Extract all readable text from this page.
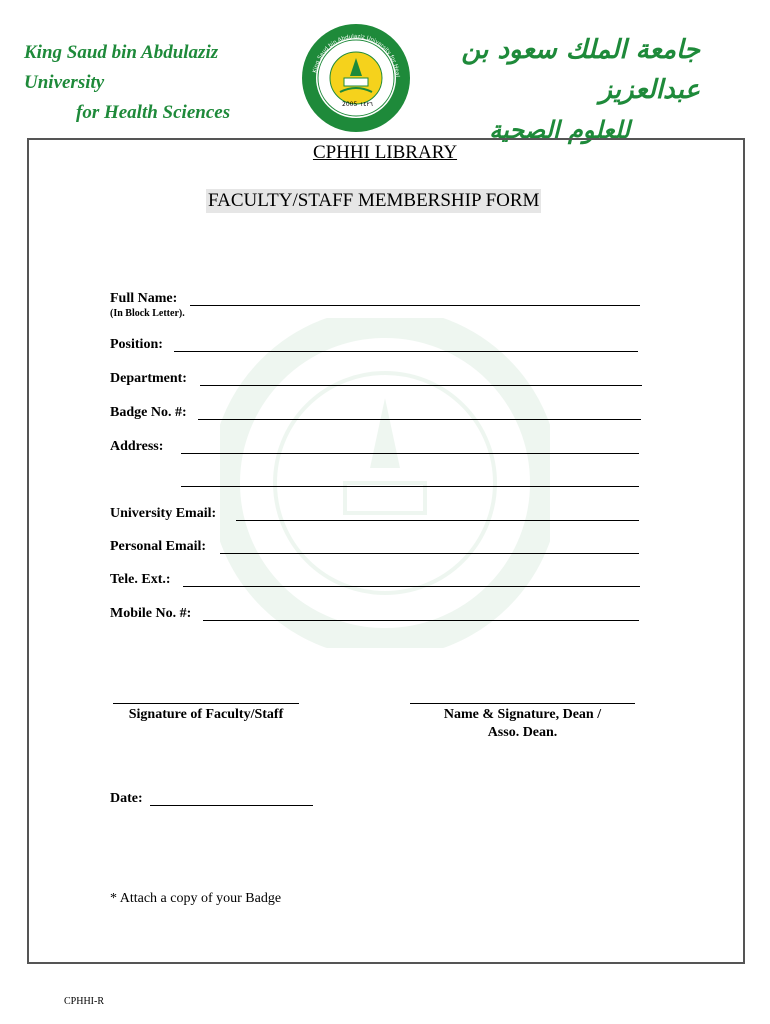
King Saud bin Abdulaziz University
for Health Sciences	2005 ١٤٢٦
King Saud bin Abdulaziz University for Heal
جامعة الملك سعود بن عبدالعزيز
للعلوم الصحية
CPHHI LIBRARY
FACULTY/STAFF MEMBERSHIP FORM
Full Name:
(In Block Letter).
Position:
Department:
Badge No. #:
Address:
University Email:
Personal Email:
Tele. Ext.:
Mobile No. #:
Signature of Faculty/Staff	Name & Signature, Dean /
Asso. Dean.
Date:
* Attach a copy of your Badge
CPHHI-R
